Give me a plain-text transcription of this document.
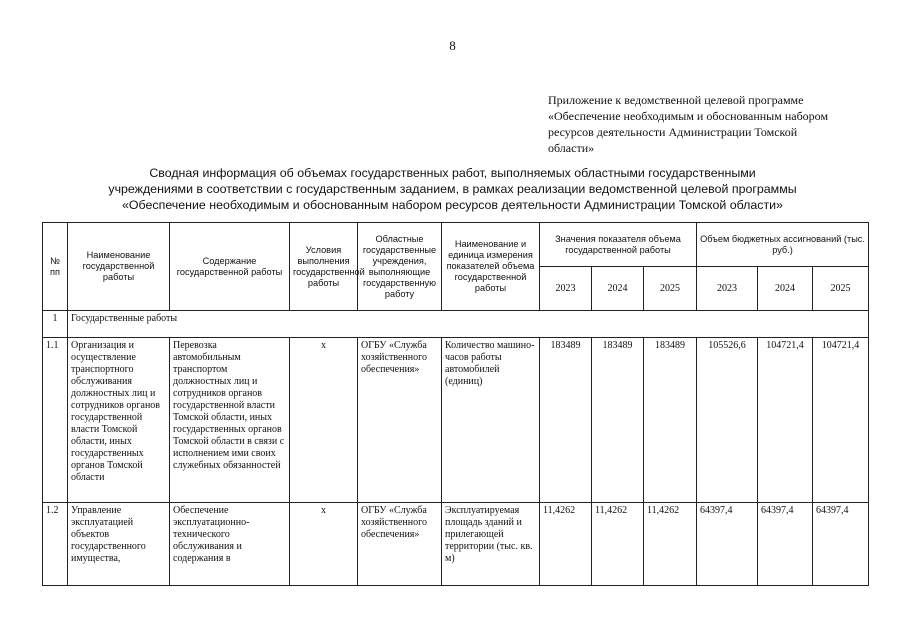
8
Приложение к ведомственной целевой программе
«Обеспечение необходимым и обоснованным набором
ресурсов деятельности Администрации Томской
области»
Сводная информация об объемах государственных работ, выполняемых областными государственными
учреждениями в соответствии с государственным заданием, в рамках реализации ведомственной целевой программы
«Обеспечение необходимым и обоснованным набором ресурсов деятельности Администрации Томской области»
№ пп	Наименование государственной работы	Содержание государственной работы	Условия выполнения государственной работы	Областные государственные учреждения, выполняющие государственную работу	Наименование и единица измерения показателей объема государственной работы	Значения показателя объема государственной работы			Объем бюджетных ассигнований (тыс. руб.)		
						2023	2024	2025	2023	2024	2025
1	Государственные работы										
1.1	Организация и осуществление транспортного обслуживания должностных лиц и сотрудников органов государственной власти Томской области, иных государственных органов Томской области	Перевозка автомобильным транспортом должностных лиц и сотрудников органов государственной власти Томской области, иных государственных органов Томской области в связи с исполнением ими своих служебных обязанностей	х	ОГБУ «Служба хозяйственного обеспечения»	Количество машино-часов работы автомобилей (единиц)	183489	183489	183489	105526,6	104721,4	104721,4
1.2	Управление эксплуатацией объектов государственного имущества,	Обеспечение эксплуатационно-технического обслуживания и содержания в	х	ОГБУ «Служба хозяйственного обеспечения»	Эксплуатируемая площадь зданий и прилегающей территории (тыс. кв. м)	11,4262	11,4262	11,4262	64397,4	64397,4	64397,4
